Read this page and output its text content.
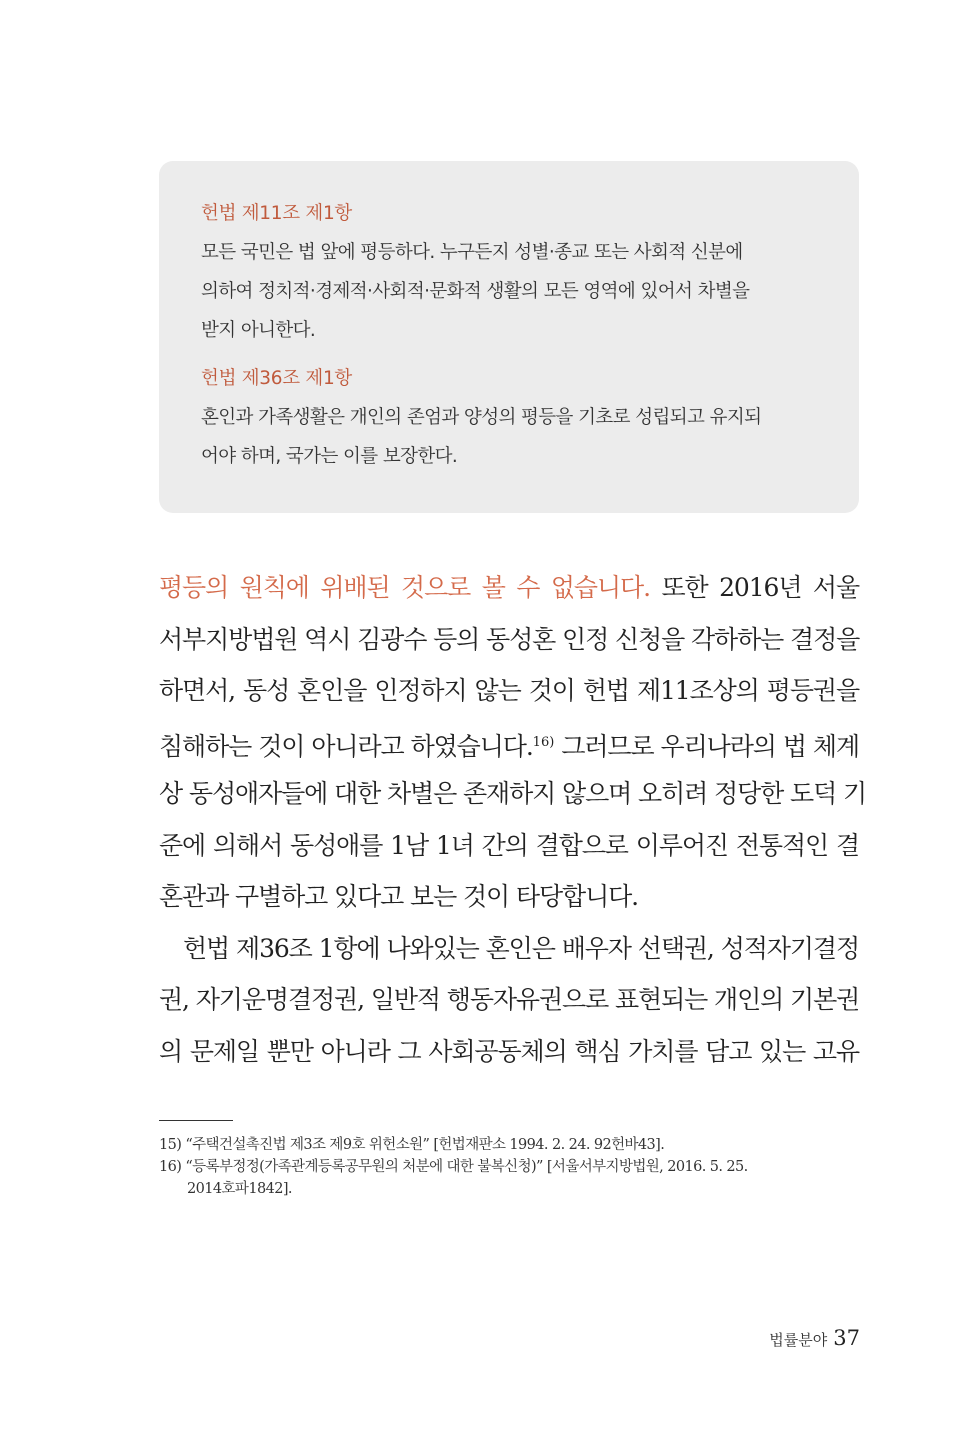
헌법 제11조 제1항

모든 국민은 법 앞에 평등하다. 누구든지 성별·종교 또는 사회적 신분에

의하여 정치적·경제적·사회적·문화적 생활의 모든 영역에 있어서 차별을

받지 아니한다.

헌법 제36조 제1항

혼인과 가족생활은 개인의 존엄과 양성의 평등을 기초로 성립되고 유지되

어야 하며, 국가는 이를 보장한다.

평등의 원칙에 위배된 것으로 볼 수 없습니다. 또한 2016년 서울
서부지방법원 역시 김광수 등의 동성혼 인정 신청을 각하하는 결정을
하면서, 동성 혼인을 인정하지 않는 것이 헌법 제11조상의 평등권을
침해하는 것이 아니라고 하였습니다.$^{16)}$ 그러므로 우리나라의 법 체계
상 동성애자들에 대한 차별은 존재하지 않으며 오히려 정당한 도덕 기
준에 의해서 동성애를 1남 1녀 간의 결합으로 이루어진 전통적인 결
혼관과 구별하고 있다고 보는 것이 타당합니다.
헌법 제36조 1항에 나와있는 혼인은 배우자 선택권, 성적자기결정
권, 자기운명결정권, 일반적 행동자유권으로 표현되는 개인의 기본권
의 문제일 뿐만 아니라 그 사회공동체의 핵심 가치를 담고 있는 고유
15) “주택건설촉진법 제3조 제9호 위헌소원” [헌법재판소 1994. 2. 24. 92헌바43].
16) “등록부정정(가족관계등록공무원의 처분에 대한 불복신청)” [서울서부지방법원, 2016. 5. 25.
2014호파1842].
법률분야 37
